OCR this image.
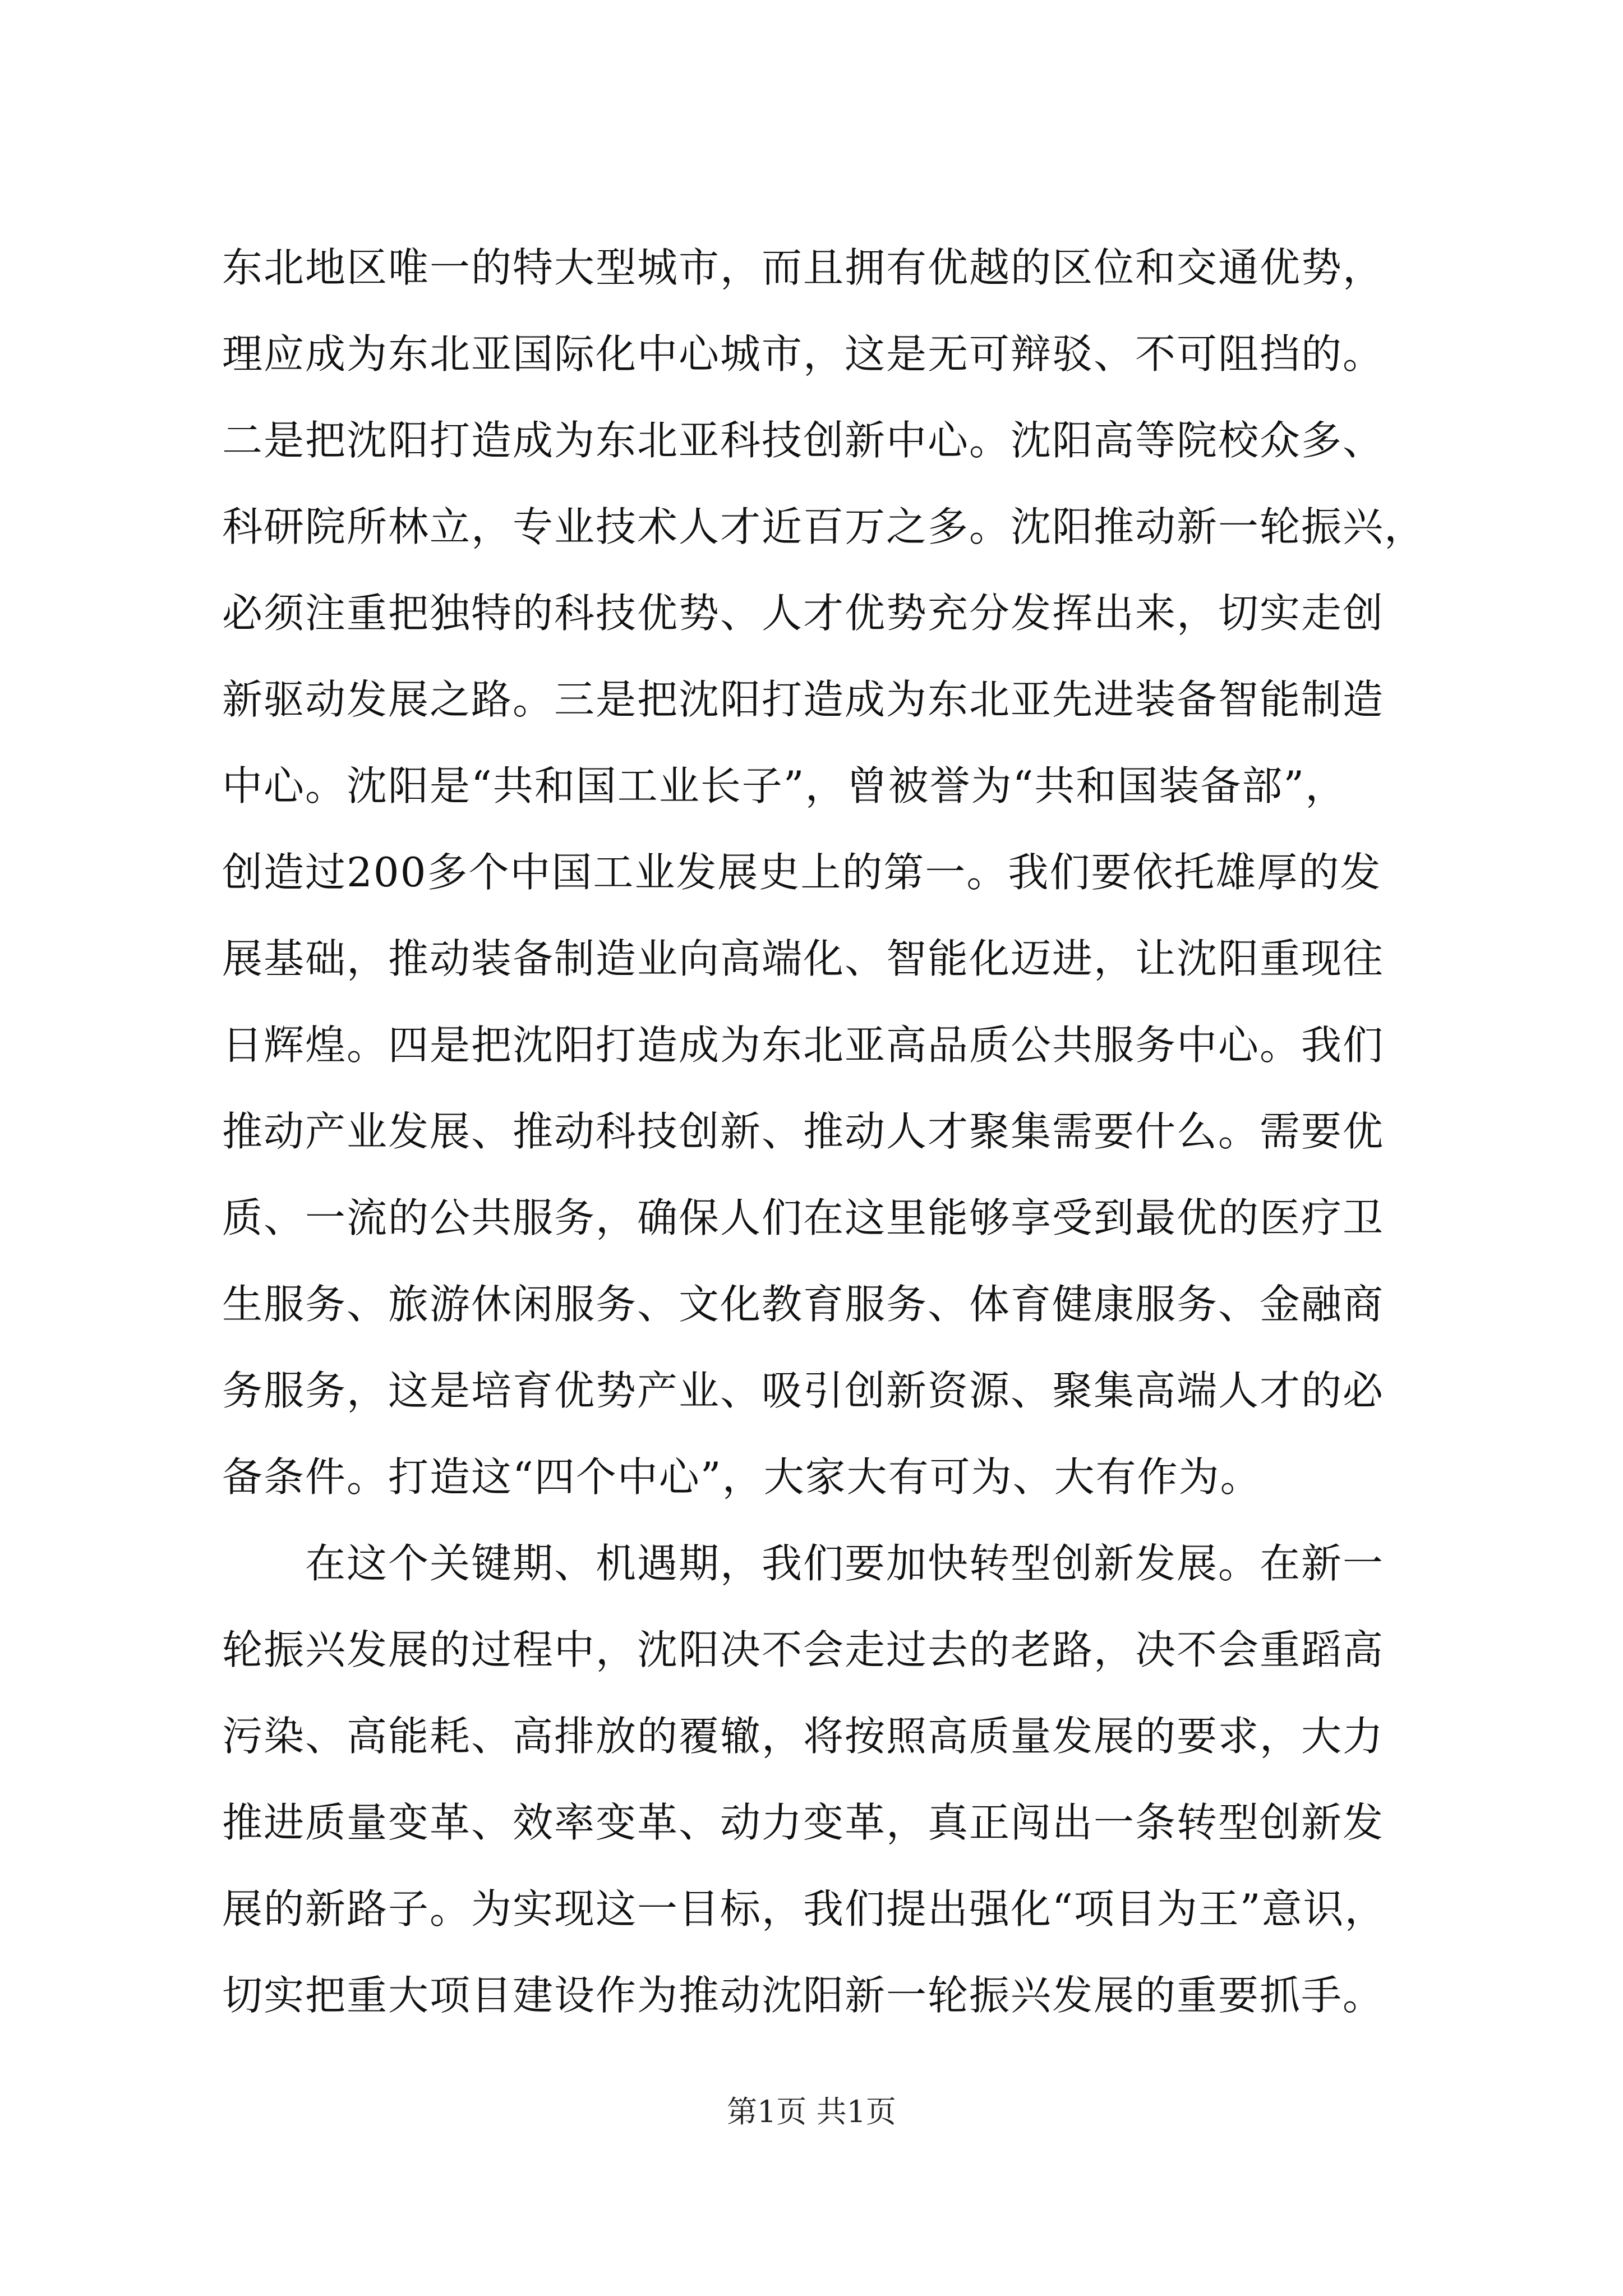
东北地区唯一的特大型城市，而且拥有优越的区位和交通优势，
理应成为东北亚国际化中心城市，这是无可辩驳、不可阻挡的。
二是把沈阳打造成为东北亚科技创新中心。沈阳高等院校众多、
科研院所林立，专业技术人才近百万之多。沈阳推动新一轮振兴，
必须注重把独特的科技优势、人才优势充分发挥出来，切实走创
新驱动发展之路。三是把沈阳打造成为东北亚先进装备智能制造
中心。沈阳是“共和国工业长子”，曾被誉为“共和国装备部”，
创造过200多个中国工业发展史上的第一。我们要依托雄厚的发
展基础，推动装备制造业向高端化、智能化迈进，让沈阳重现往
日辉煌。四是把沈阳打造成为东北亚高品质公共服务中心。我们
推动产业发展、推动科技创新、推动人才聚集需要什么。需要优
质、一流的公共服务，确保人们在这里能够享受到最优的医疗卫
生服务、旅游休闲服务、文化教育服务、体育健康服务、金融商
务服务，这是培育优势产业、吸引创新资源、聚集高端人才的必
备条件。打造这“四个中心”，大家大有可为、大有作为。
在这个关键期、机遇期，我们要加快转型创新发展。在新一
轮振兴发展的过程中，沈阳决不会走过去的老路，决不会重蹈高
污染、高能耗、高排放的覆辙，将按照高质量发展的要求，大力
推进质量变革、效率变革、动力变革，真正闯出一条转型创新发
展的新路子。为实现这一目标，我们提出强化“项目为王”意识，
切实把重大项目建设作为推动沈阳新一轮振兴发展的重要抓手。
第1页 共1页
